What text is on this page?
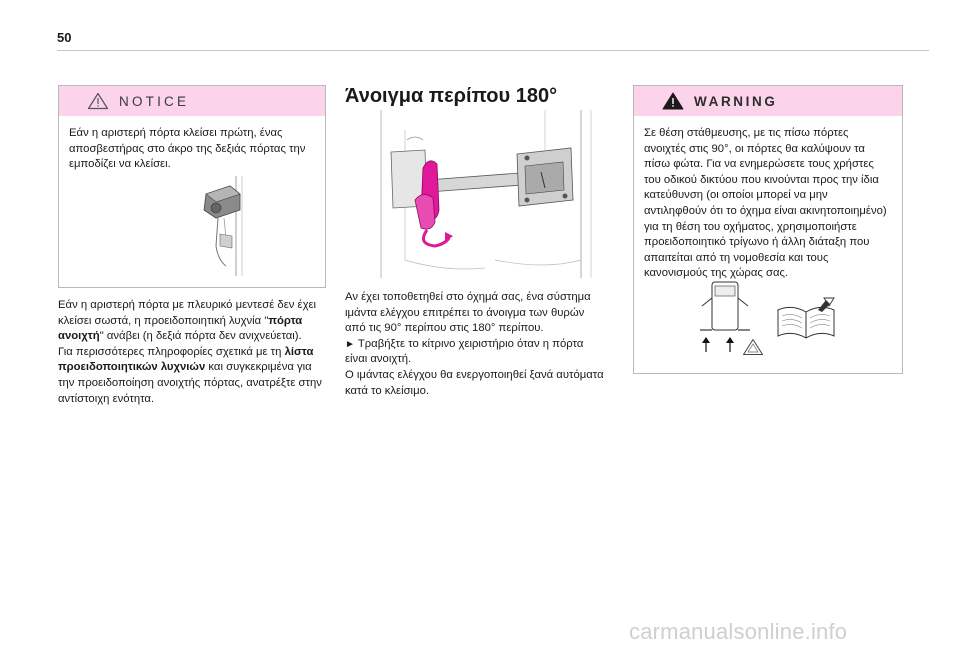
50
NOTICE
Εάν η αριστερή πόρτα κλείσει πρώτη, ένας αποσβεστήρας στο άκρο της δεξιάς πόρτας την εμποδίζει να κλείσει.

Εάν η αριστερή πόρτα με πλευρικό μεντεσέ δεν έχει κλείσει σωστά, η προειδοποιητική λυχνία "πόρτα ανοιχτή" ανάβει (η δεξιά πόρτα δεν ανιχνεύεται).

Για περισσότερες πληροφορίες σχετικά με τη λίστα προειδοποιητικών λυχνιών και συγκεκριμένα για την προειδοποίηση ανοιχτής πόρτας, ανατρέξτε στην αντίστοιχη ενότητα.

Άνοιγμα περίπου 180°

Αν έχει τοποθετηθεί στο όχημά σας, ένα σύστημα ιμάντα ελέγχου επιτρέπει το άνοιγμα των θυρών από τις 90° περίπου στις 180° περίπου.

► Τραβήξτε το κίτρινο χειριστήριο όταν η πόρτα είναι ανοιχτή.

Ο ιμάντας ελέγχου θα ενεργοποιηθεί ξανά αυτόματα κατά το κλείσιμο.

WARNING
Σε θέση στάθμευσης, με τις πίσω πόρτες ανοιχτές στις 90°, οι πόρτες θα καλύψουν τα πίσω φώτα. Για να ενημερώσετε τους χρήστες του οδικού δικτύου που κινούνται προς την ίδια κατεύθυνση (οι οποίοι μπορεί να μην αντιληφθούν ότι το όχημα είναι ακινητοποιημένο) για τη θέση του οχήματος, χρησιμοποιήστε προειδοποιητικό τρίγωνο ή άλλη διάταξη που απαιτείται από τη νομοθεσία και τους κανονισμούς της χώρας σας.
carmanualsonline.info
